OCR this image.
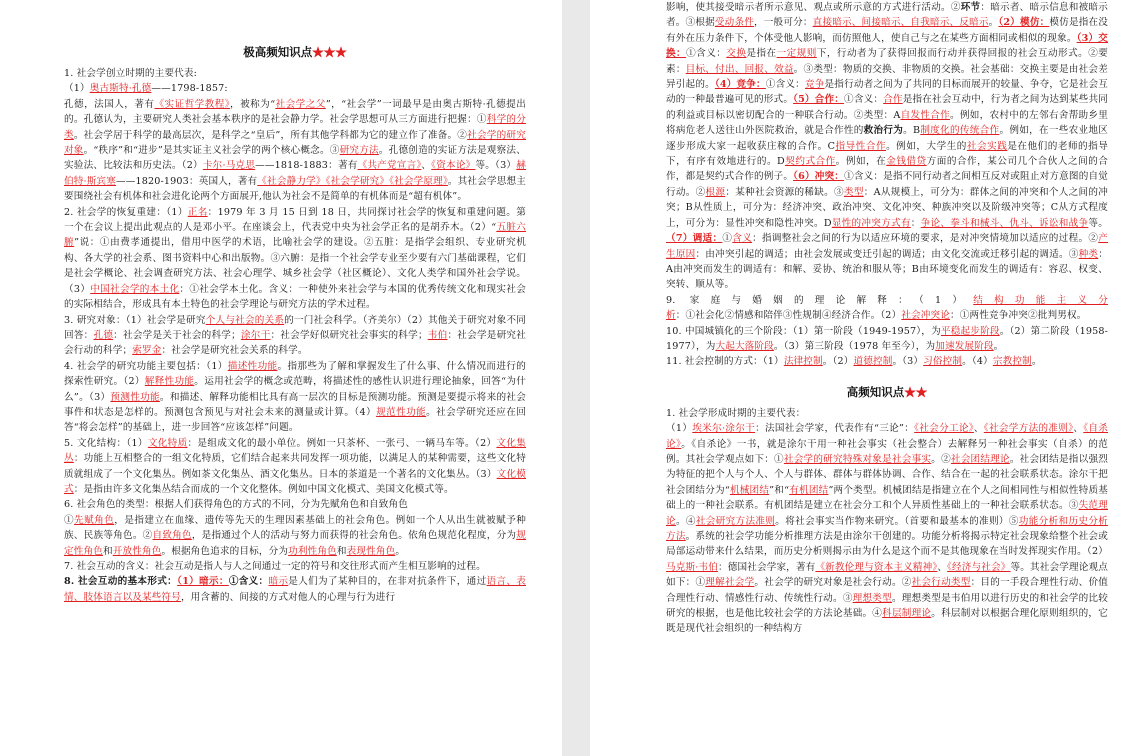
极高频知识点★★★
1. 社会学创立时期的主要代表:
（1）奥古斯特·孔德——1798-1857:
孔德，法国人，著有《实证哲学教程》，被称为“社会学之父”，“社会学”一词最早是由奥古斯特·孔德提出的。孔德认为，主要研究人类社会基本秩序的是社会静力学。社会学思想可从三方面进行把握：①科学的分类。社会学居于科学的最高层次，是科学之“皇后”，所有其他学科都为它的建立作了准备。②社会学的研究对象。“秩序”和“进步”是其实证主义社会学的两个核心概念。③研究方法。孔德创造的实证方法是观察法、实验法、比较法和历史法。（2）卡尔·马克思——1818-1883：著有《共产党宣言》、《资本论》等。（3）赫伯特·斯宾塞——1820-1903：英国人，著有《社会静力学》《社会学研究》《社会学原理》。其社会学思想主要围绕社会有机体和社会进化论两个方面展开,他认为社会不是简单的有机体而是“超有机体”。
2. 社会学的恢复重建：（1）正名：1979 年 3 月 15 日到 18 日，共同探讨社会学的恢复和重建问题。第一个在会议上提出此观点的人是邓小平。在座谈会上，代表党中央为社会学正名的是胡乔木。（2）“五脏六腑”说：①由费孝通提出，借用中医学的术语，比喻社会学的建设。②五脏：是指学会组织、专业研究机构、各大学的社会系、图书资料中心和出版物。③六腑：是指一个社会学专业至少要有六门基础课程，它们是社会学概论、社会调查研究方法、社会心理学、城乡社会学（社区概论）、文化人类学和国外社会学说。（3）中国社会学的本土化：①社会学本土化。含义：一种使外来社会学与本国的优秀传统文化和现实社会的实际相结合，形成具有本土特色的社会学理论与研究方法的学术过程。
3. 研究对象：（1）社会学是研究个人与社会的关系的一门社会科学。（齐美尔）（2）其他关于研究对象不同回答：孔德：社会学是关于社会的科学；涂尔干：社会学好似研究社会事实的科学；韦伯：社会学是研究社会行动的科学；索罗金：社会学是研究社会关系的科学。
4. 社会学的研究功能主要包括：（1）描述性功能。指那些为了解和掌握发生了什么事、什么情况而进行的探索性研究。（2）解释性功能。运用社会学的概念或范畴，将描述性的感性认识进行理论抽象，回答“为什么”。（3）预测性功能。和描述、解释功能相比具有高一层次的目标是预测功能。预测是要提示将来的社会事件和状态是怎样的。预测包含预见与对社会未来的测量或计算。（4）规范性功能。社会学研究还应在回答“将会怎样”的基础上，进一步回答“应该怎样”问题。
5. 文化结构：（1）文化特质：是组成文化的最小单位。例如一只茶杯、一张弓、一辆马车等。（2）文化集丛：功能上互相整合的一组文化特质，它们结合起来共同发挥一项功能，以满足人的某种需要，这些文化特质就组成了一个文化集丛。例如茶文化集丛、酒文化集丛。日本的茶道是一个著名的文化集丛。（3）文化模式：是指由许多文化集丛结合而成的一个文化整体。例如中国文化模式、美国文化模式等。
6. 社会角色的类型：根据人们获得角色的方式的不同，分为先赋角色和自致角色
①先赋角色，是指建立在血缘、遗传等先天的生理因素基础上的社会角色。例如一个人从出生就被赋予种族、民族等角色。②自致角色，是指通过个人的活动与努力而获得的社会角色。依角色规范化程度，分为规定性角色和开放性角色。根据角色追求的目标，分为功利性角色和表现性角色。
7. 社会互动的含义：社会互动是指人与人之间通过一定的符号和交往形式而产生相互影响的过程。
8. 社会互动的基本形式：（1）暗示：①含义：暗示是人们为了某种目的，在非对抗条件下，通过语言、表情、肢体语言以及某些符号，用含蓄的、间接的方式对他人的心理与行为进行
影响，使其接受暗示者所示意见、观点或所示意的方式进行活动。②环节：暗示者、暗示信息和被暗示者。③根据受动条件，一般可分：直接暗示、间接暗示、自我暗示、反暗示。（2）模仿：模仿是指在没有外在压力条件下，个体受他人影响，而仿照他人，使自己与之在某些方面相同或相似的现象。（3）交换：①含义：交换是指在一定规则下，行动者为了获得回报而行动并获得回报的社会互动形式。②要素：目标、付出、回报、效益。③类型：物质的交换、非物质的交换。社会基础：交换主要是由社会差异引起的。（4）竞争：①含义：竞争是指行动者之间为了共同的目标而展开的较量、争夺，它是社会互动的一种最普遍可见的形式。（5）合作：①含义：合作是指在社会互动中，行为者之间为达到某些共同的利益或目标以密切配合的一种联合行动。②类型：A自发性合作。例如，农村中的左邻右舍帮助乡里将病危老人送往山外医院救治，就是合作性的救治行为。B制度化的传统合作。例如，在一些农业地区逐步形成大家一起收获庄稼的合作。C指导性合作。例如，大学生的社会实践是在他们的老师的指导下，有序有效地进行的。D契约式合作。例如，在金钱借贷方面的合作，某公司几个合伙人之间的合作，都是契约式合作的例子。（6）冲突：①含义：是指不同行动者之间相互反对或阻止对方意图的自觉行动。②根源：某种社会资源的稀缺。③类型：A从规模上，可分为：群体之间的冲突和个人之间的冲突；B从性质上，可分为：经济冲突、政治冲突、文化冲突、种族冲突以及阶级冲突等；C从方式程度上，可分为：显性冲突和隐性冲突。D显性的冲突方式有：争论、拳斗和械斗、仇斗、诉讼和战争等。（7）调适：①含义：指调整社会之间的行为以适应环境的要求，是对冲突情境加以适应的过程。②产生原因：由冲突引起的调适；由社会发展或变迁引起的调适；由文化交流或迁移引起的调适。③种类：A由冲突而发生的调适有：和解、妥协、统治和服从等；B由环境变化而发生的调适有：容忍、权变、突转、顺从等。
9. 家庭与婚姻的理论解释：（1）结构功能主义分析：①社会化②情感和陪伴③性规制④经济合作。（2）社会冲突论：①两性竞争冲突②批判男权。
10. 中国城镇化的三个阶段：（1）第一阶段（1949-1957），为平稳起步阶段。（2）第二阶段（1958-1977），为大起大落阶段。（3）第三阶段（1978 年至今），为加速发展阶段。
11. 社会控制的方式：（1）法律控制。（2）道德控制。（3）习俗控制。（4）宗教控制。
高频知识点★★
1. 社会学形成时期的主要代表：
（1）埃米尔·涂尔干：法国社会学家，代表作有“三论”：《社会分工论》、《社会学方法的准则》、《自杀论》。《自杀论》一书，就是涂尔干用一种社会事实（社会整合）去解释另一种社会事实（自杀）的范例。其社会学观点如下：①社会学的研究特殊对象是社会事实。②社会团结理论。社会团结是指以强烈为特征的把个人与个人、个人与群体、群体与群体协调、合作、结合在一起的社会联系状态。涂尔干把社会团结分为“机械团结”和“有机团结”两个类型。机械团结是指建立在个人之间相同性与相似性特质基础上的一种社会联系。有机团结是建立在社会分工和个人异质性基础上的一种社会联系状态。③失范理论。④社会研究方法准则。将社会事实当作物来研究。（首要和最基本的准则）⑤功能分析和历史分析方法。系统的社会学功能分析推理方法是由涂尔干创建的。功能分析将揭示特定社会现象给整个社会或局部运动带来什么结果，而历史分析则揭示由为什么是这个而不是其他现象在当时发挥现实作用。（2）马克斯·韦伯：德国社会学家，著有《新教伦理与资本主义精神》、《经济与社会》等。其社会学理论观点如下：①理解社会学。社会学的研究对象是社会行动。②社会行动类型：目的一手段合理性行动、价值合理性行动、情感性行动、传统性行动。③理想类型。理想类型是韦伯用以进行历史的和社会学的比较研究的根据，也是他比较社会学的方法论基础。④科层制理论。科层制对以根据合理化原则组织的，它既是现代社会组织的一种结构方
